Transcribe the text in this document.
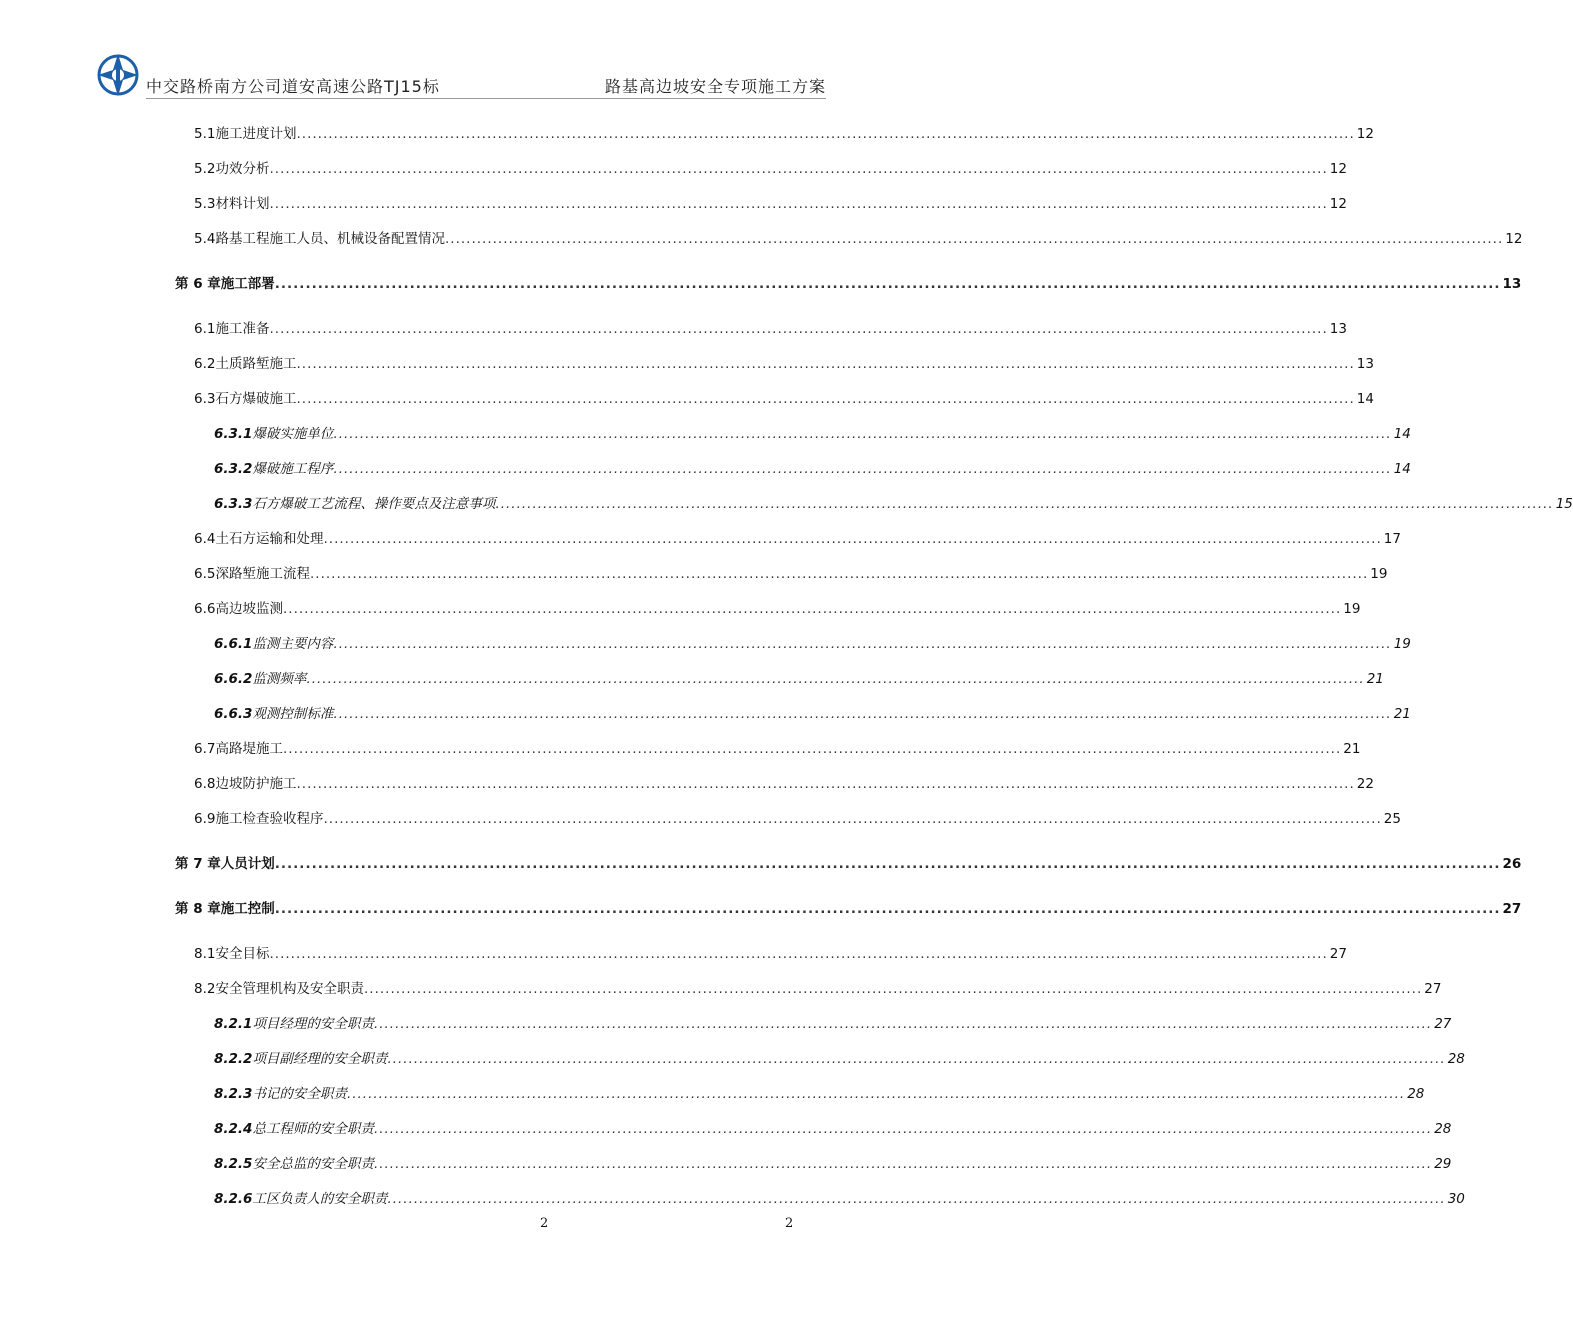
中交路桥南方公司道安高速公路TJ15标	路基高边坡安全专项施工方案
5.1 施工进度计划 ........................................................................................................................................................................................................ 12
5.2 功效分析 ........................................................................................................................................................................................................ 12
5.3 材料计划 ........................................................................................................................................................................................................ 12
5.4 路基工程施工人员、机械设备配置情况 ........................................................................................................................................................................................................ 12
第 6 章 施工部署 ........................................................................................................................................................................................................ 13
6.1 施工准备 ........................................................................................................................................................................................................ 13
6.2 土质路堑施工 ........................................................................................................................................................................................................ 13
6.3 石方爆破施工 ........................................................................................................................................................................................................ 14
6.3.1 爆破实施单位 ........................................................................................................................................................................................................ 14
6.3.2 爆破施工程序 ........................................................................................................................................................................................................ 14
6.3.3 石方爆破工艺流程、操作要点及注意事项 ........................................................................................................................................................................................................ 15
6.4 土石方运输和处理 ........................................................................................................................................................................................................ 17
6.5 深路堑施工流程 ........................................................................................................................................................................................................ 19
6.6 高边坡监测 ........................................................................................................................................................................................................ 19
6.6.1 监测主要内容 ........................................................................................................................................................................................................ 19
6.6.2 监测频率 ........................................................................................................................................................................................................ 21
6.6.3 观测控制标准 ........................................................................................................................................................................................................ 21
6.7 高路堤施工 ........................................................................................................................................................................................................ 21
6.8 边坡防护施工 ........................................................................................................................................................................................................ 22
6.9 施工检查验收程序 ........................................................................................................................................................................................................ 25
第 7 章 人员计划 ........................................................................................................................................................................................................ 26
第 8 章 施工控制 ........................................................................................................................................................................................................ 27
8.1 安全目标 ........................................................................................................................................................................................................ 27
8.2 安全管理机构及安全职责 ........................................................................................................................................................................................................ 27
8.2.1 项目经理的安全职责 ........................................................................................................................................................................................................ 27
8.2.2 项目副经理的安全职责 ........................................................................................................................................................................................................ 28
8.2.3 书记的安全职责 ........................................................................................................................................................................................................ 28
8.2.4 总工程师的安全职责 ........................................................................................................................................................................................................ 28
8.2.5 安全总监的安全职责 ........................................................................................................................................................................................................ 29
8.2.6 工区负责人的安全职责 ........................................................................................................................................................................................................ 30
2	2
